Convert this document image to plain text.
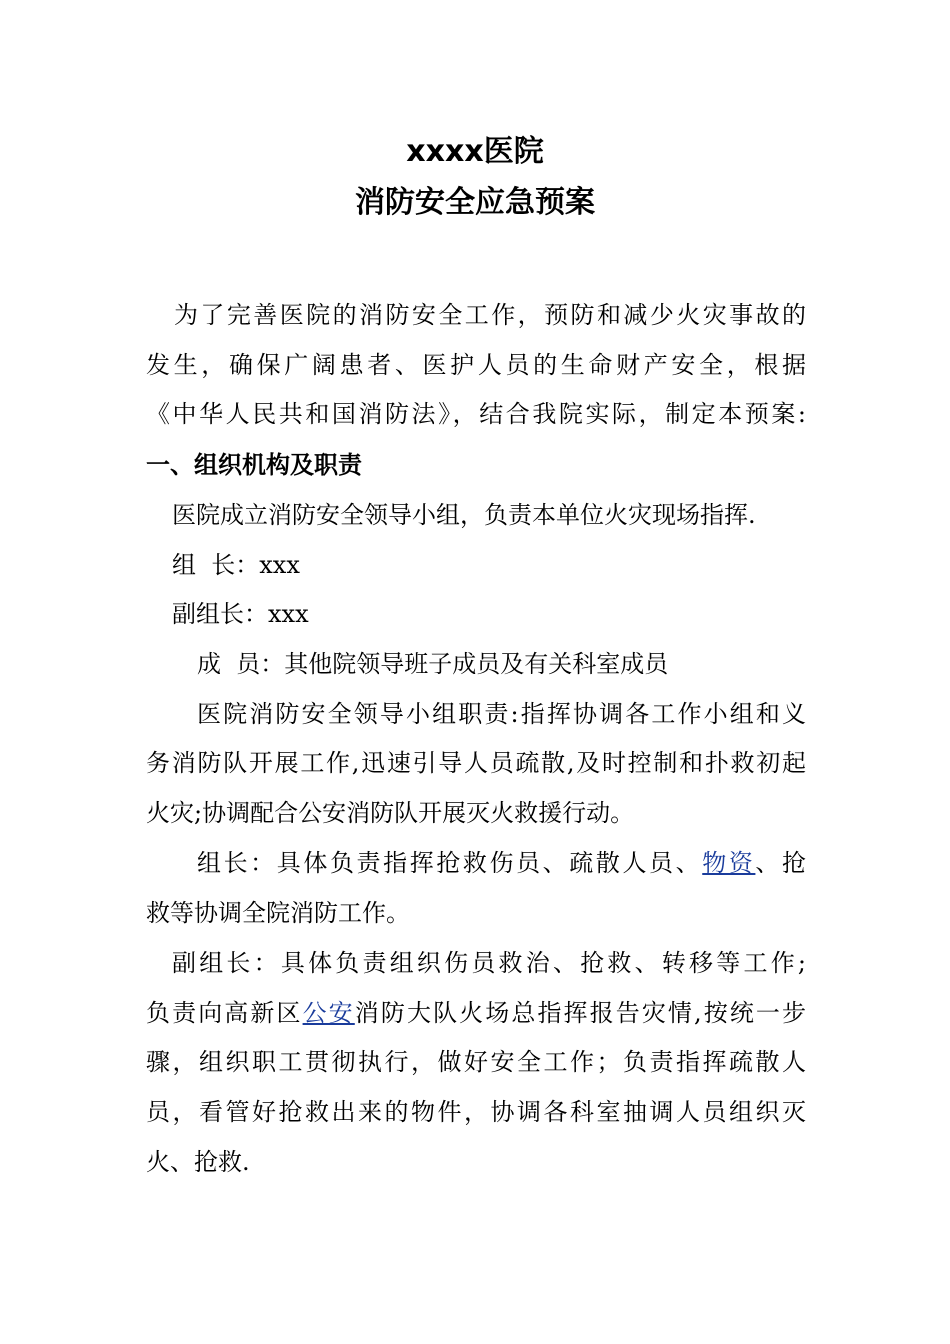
xxxx医院
消防安全应急预案
为了完善医院的消防安全工作，预防和减少火灾事故的
发生，确保广阔患者、医护人员的生命财产安全，根据
《中华人民共和国消防法》，结合我院实际，制定本预案:
一、组织机构及职责
医院成立消防安全领导小组，负责本单位火灾现场指挥.
组  长：xxx
副组长：xxx
成  员：其他院领导班子成员及有关科室成员
医院消防安全领导小组职责:指挥协调各工作小组和义
务消防队开展工作,迅速引导人员疏散,及时控制和扑救初起
火灾;协调配合公安消防队开展灭火救援行动。
组长：具体负责指挥抢救伤员、疏散人员、物资、抢
救等协调全院消防工作。
副组长：具体负责组织伤员救治、抢救、转移等工作;
负责向高新区公安消防大队火场总指挥报告灾情,按统一步
骤，组织职工贯彻执行，做好安全工作；负责指挥疏散人
员，看管好抢救出来的物件，协调各科室抽调人员组织灭
火、抢救.
